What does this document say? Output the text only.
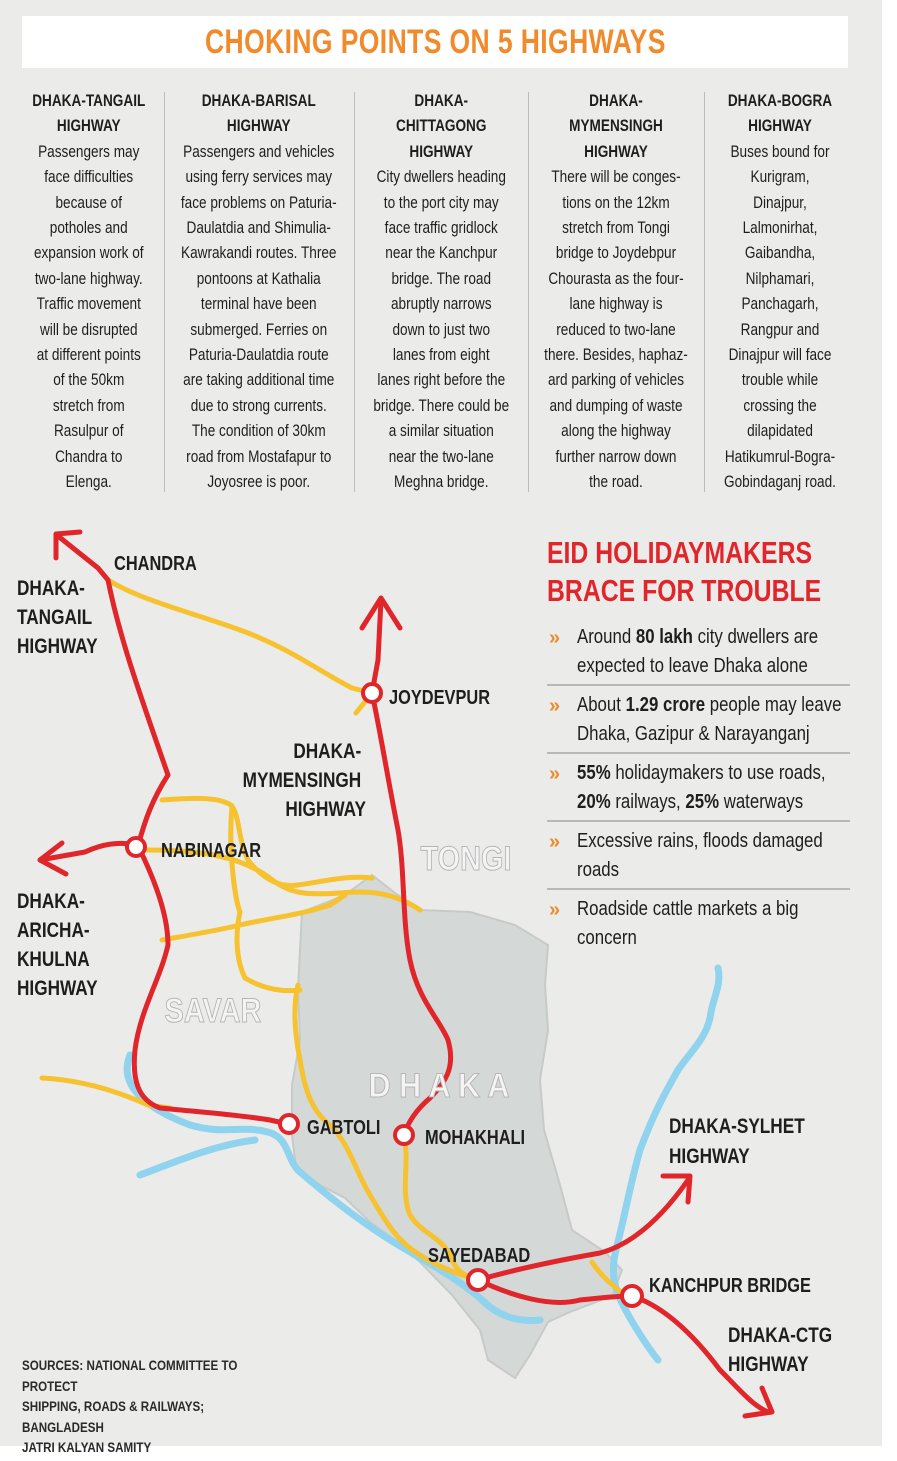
CHOKING POINTS ON 5 HIGHWAYS
DHAKA-TANGAIL
HIGHWAY
Passengers may
face difficulties
because of
potholes and
expansion work of
two-lane highway.
Traffic movement
will be disrupted
at different points
of the 50km
stretch from
Rasulpur of
Chandra to
Elenga.
DHAKA-BARISAL
HIGHWAY
Passengers and vehicles
using ferry services may
face problems on Paturia-
Daulatdia and Shimulia-
Kawrakandi routes. Three
pontoons at Kathalia
terminal have been
submerged. Ferries on
Paturia-Daulatdia route
are taking additional time
due to strong currents.
The condition of 30km
road from Mostafapur to
Joyosree is poor.
DHAKA-
CHITTAGONG
HIGHWAY
City dwellers heading
to the port city may
face traffic gridlock
near the Kanchpur
bridge. The road
abruptly narrows
down to just two
lanes from eight
lanes right before the
bridge. There could be
a similar situation
near the two-lane
Meghna bridge.
DHAKA-
MYMENSINGH
HIGHWAY
There will be conges-
tions on the 12km
stretch from Tongi
bridge to Joydebpur
Chourasta as the four-
lane highway is
reduced to two-lane
there. Besides, haphaz-
ard parking of vehicles
and dumping of waste
along the highway
further narrow down
the road.
DHAKA-BOGRA
HIGHWAY
Buses bound for
Kurigram,
Dinajpur,
Lalmonirhat,
Gaibandha,
Nilphamari,
Panchagarh,
Rangpur and
Dinajpur will face
trouble while
crossing the
dilapidated
Hatikumrul-Bogra-
Gobindaganj road.
TONGI
SAVAR
D H A K A
CHANDRA
JOYDEVPUR
NABINAGAR
GABTOLI MOHAKHALI
SAYEDABAD
KANCHPUR BRIDGE
DHAKA- TANGAIL HIGHWAY
DHAKA- MYMENSINGH HIGHWAY
DHAKA- ARICHA- KHULNA HIGHWAY
DHAKA-SYLHET HIGHWAY
DHAKA-CTG HIGHWAY
EID HOLIDAYMAKERS
BRACE FOR TROUBLE
» Around 80 lakh city dwellers are expected to leave Dhaka alone
» About 1.29 crore people may leave Dhaka, Gazipur & Narayanganj
» 55% holidaymakers to use roads, 20% railways, 25% waterways
» Excessive rains, floods damaged roads
» Roadside cattle markets a big concern
SOURCES: NATIONAL COMMITTEE TO PROTECT
SHIPPING, ROADS & RAILWAYS; BANGLADESH
JATRI KALYAN SAMITY
